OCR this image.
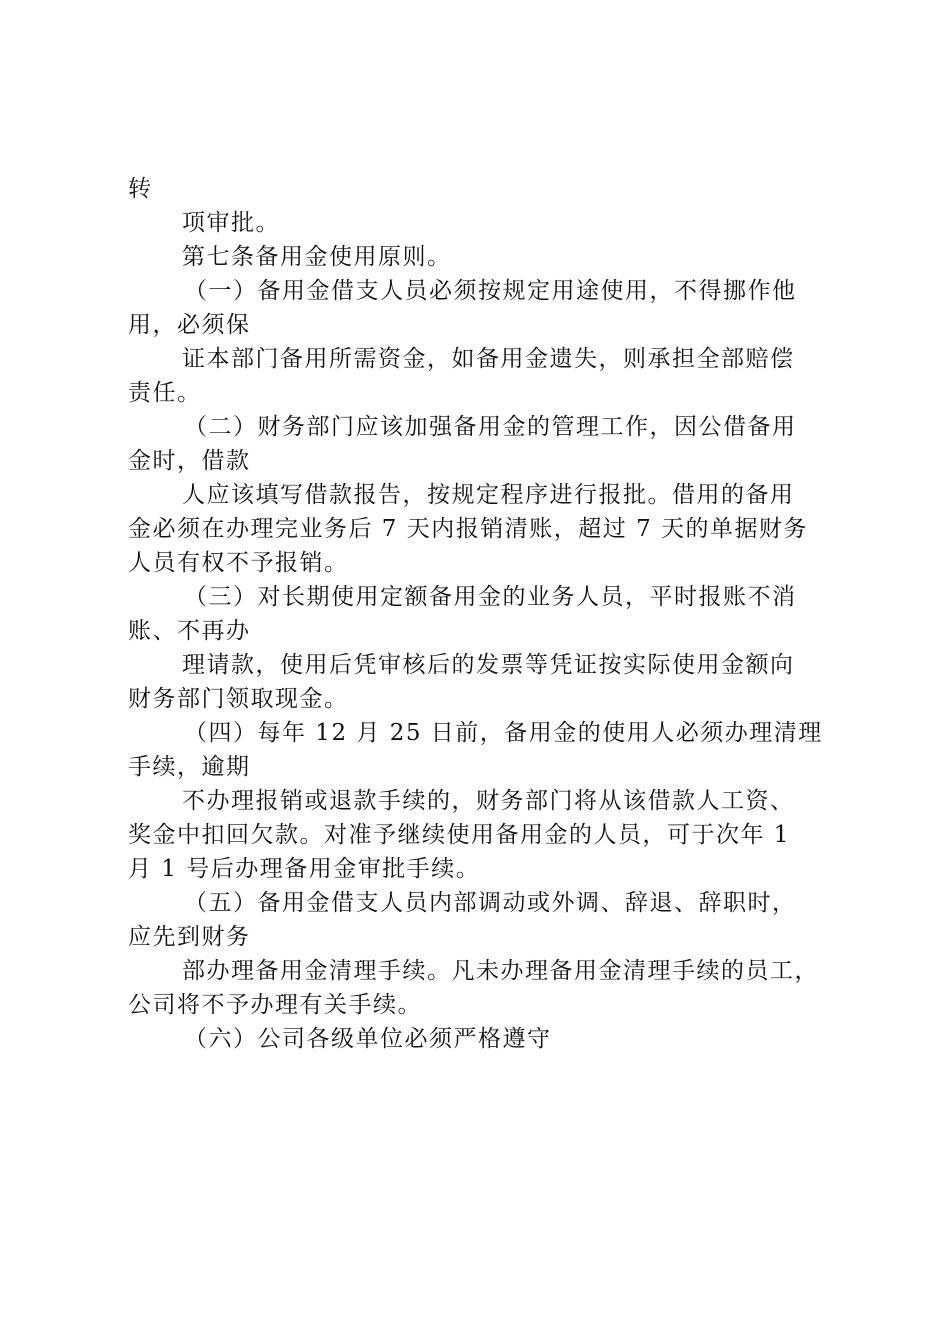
转
项审批。
第七条备用金使用原则。
（一）备用金借支人员必须按规定用途使用，不得挪作他
用，必须保
证本部门备用所需资金，如备用金遗失，则承担全部赔偿
责任。
（二）财务部门应该加强备用金的管理工作，因公借备用
金时，借款
人应该填写借款报告，按规定程序进行报批。借用的备用
金必须在办理完业务后 7 天内报销清账，超过 7 天的单据财务
人员有权不予报销。
（三）对长期使用定额备用金的业务人员，平时报账不消
账、不再办
理请款，使用后凭审核后的发票等凭证按实际使用金额向
财务部门领取现金。
（四）每年 12 月 25 日前，备用金的使用人必须办理清理
手续，逾期
不办理报销或退款手续的，财务部门将从该借款人工资、
奖金中扣回欠款。对准予继续使用备用金的人员，可于次年 1
月 1 号后办理备用金审批手续。
（五）备用金借支人员内部调动或外调、辞退、辞职时，
应先到财务
部办理备用金清理手续。凡未办理备用金清理手续的员工，
公司将不予办理有关手续。
（六）公司各级单位必须严格遵守
